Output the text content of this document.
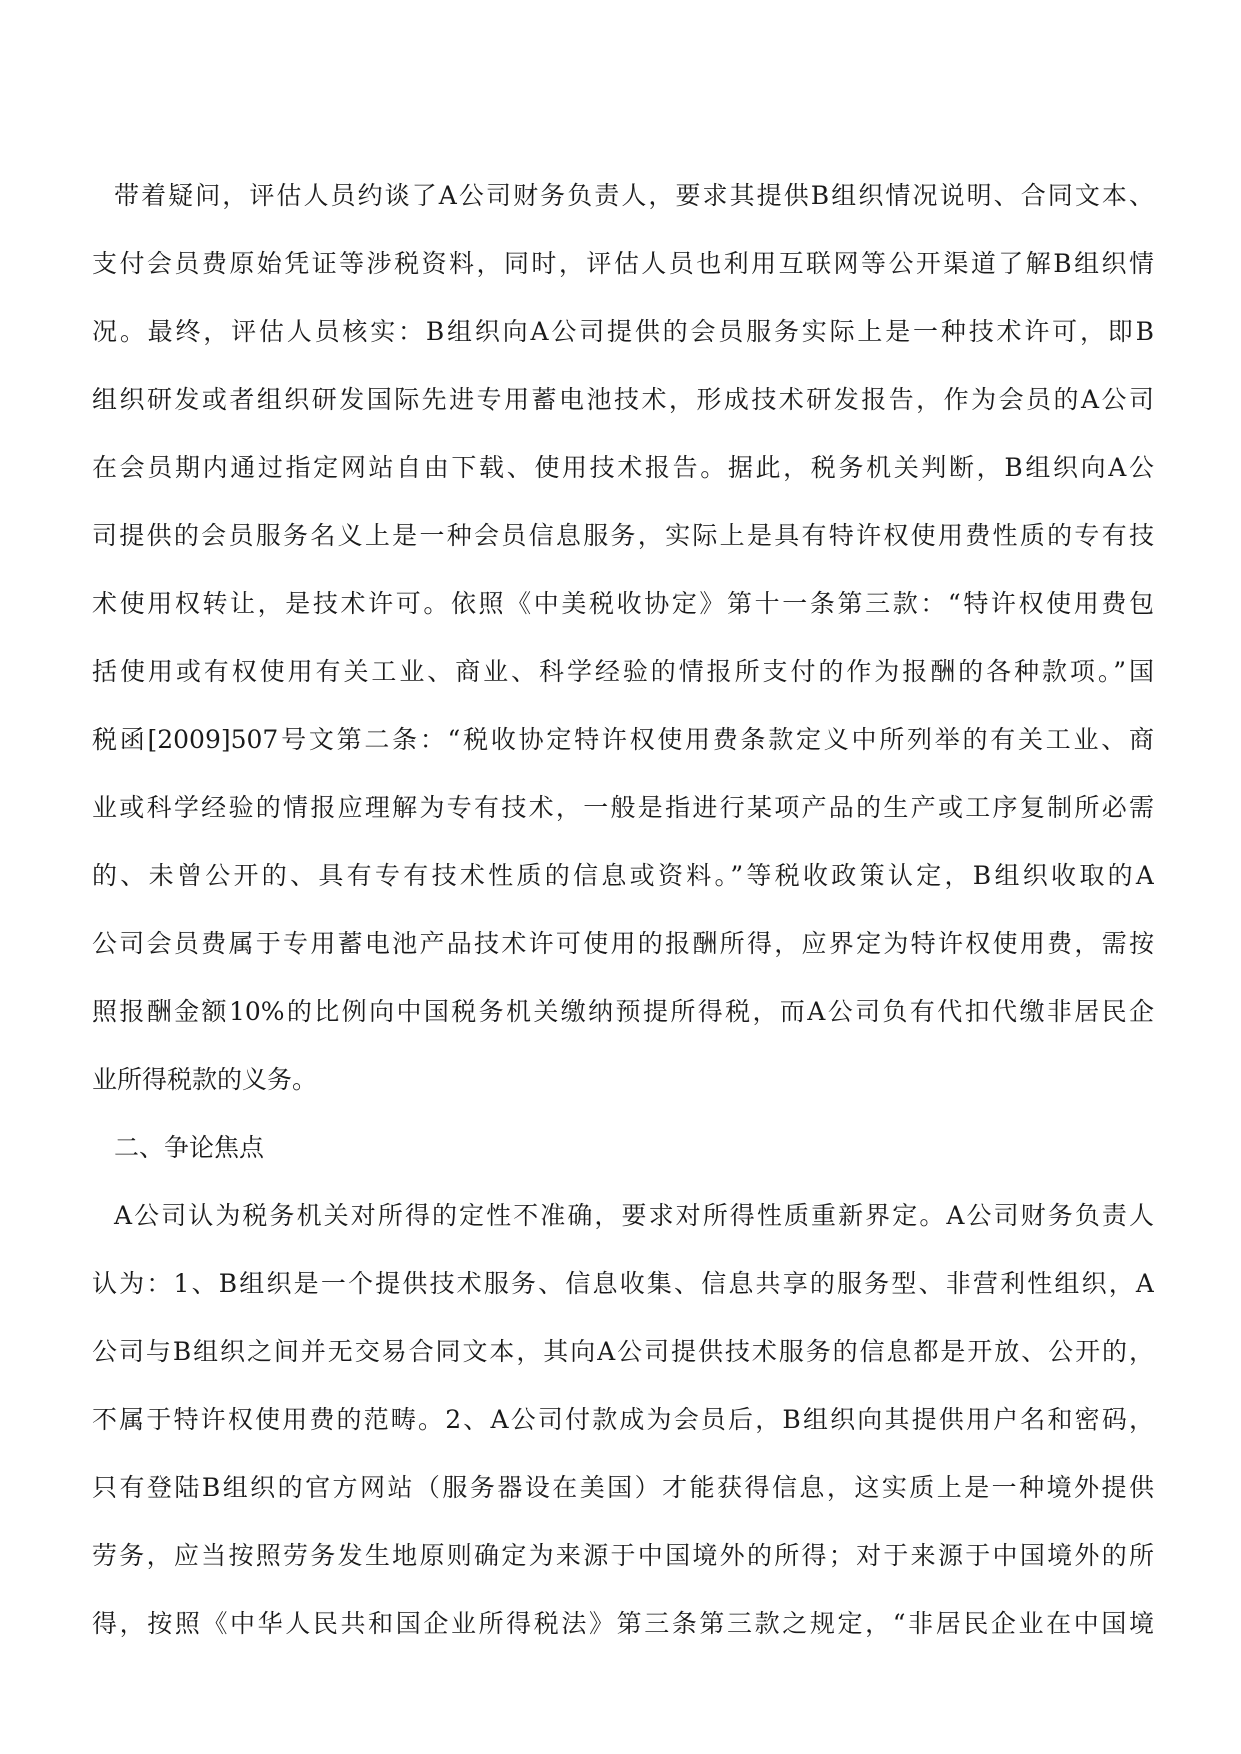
带着疑问，评估人员约谈了A公司财务负责人，要求其提供B组织情况说明、合同文本、
支付会员费原始凭证等涉税资料，同时，评估人员也利用互联网等公开渠道了解B组织情
况。最终，评估人员核实：B组织向A公司提供的会员服务实际上是一种技术许可，即B
组织研发或者组织研发国际先进专用蓄电池技术，形成技术研发报告，作为会员的A公司
在会员期内通过指定网站自由下载、使用技术报告。据此，税务机关判断，B组织向A公
司提供的会员服务名义上是一种会员信息服务，实际上是具有特许权使用费性质的专有技
术使用权转让，是技术许可。依照《中美税收协定》第十一条第三款：“特许权使用费包
括使用或有权使用有关工业、商业、科学经验的情报所支付的作为报酬的各种款项。”国
税函[2009]507号文第二条：“税收协定特许权使用费条款定义中所列举的有关工业、商
业或科学经验的情报应理解为专有技术，一般是指进行某项产品的生产或工序复制所必需
的、未曾公开的、具有专有技术性质的信息或资料。”等税收政策认定，B组织收取的A
公司会员费属于专用蓄电池产品技术许可使用的报酬所得，应界定为特许权使用费，需按
照报酬金额10%的比例向中国税务机关缴纳预提所得税，而A公司负有代扣代缴非居民企
业所得税款的义务。
二、争论焦点
A公司认为税务机关对所得的定性不准确，要求对所得性质重新界定。A公司财务负责人
认为：1、B组织是一个提供技术服务、信息收集、信息共享的服务型、非营利性组织，A
公司与B组织之间并无交易合同文本，其向A公司提供技术服务的信息都是开放、公开的，
不属于特许权使用费的范畴。2、A公司付款成为会员后，B组织向其提供用户名和密码，
只有登陆B组织的官方网站（服务器设在美国）才能获得信息，这实质上是一种境外提供
劳务，应当按照劳务发生地原则确定为来源于中国境外的所得；对于来源于中国境外的所
得，按照《中华人民共和国企业所得税法》第三条第三款之规定，“非居民企业在中国境
